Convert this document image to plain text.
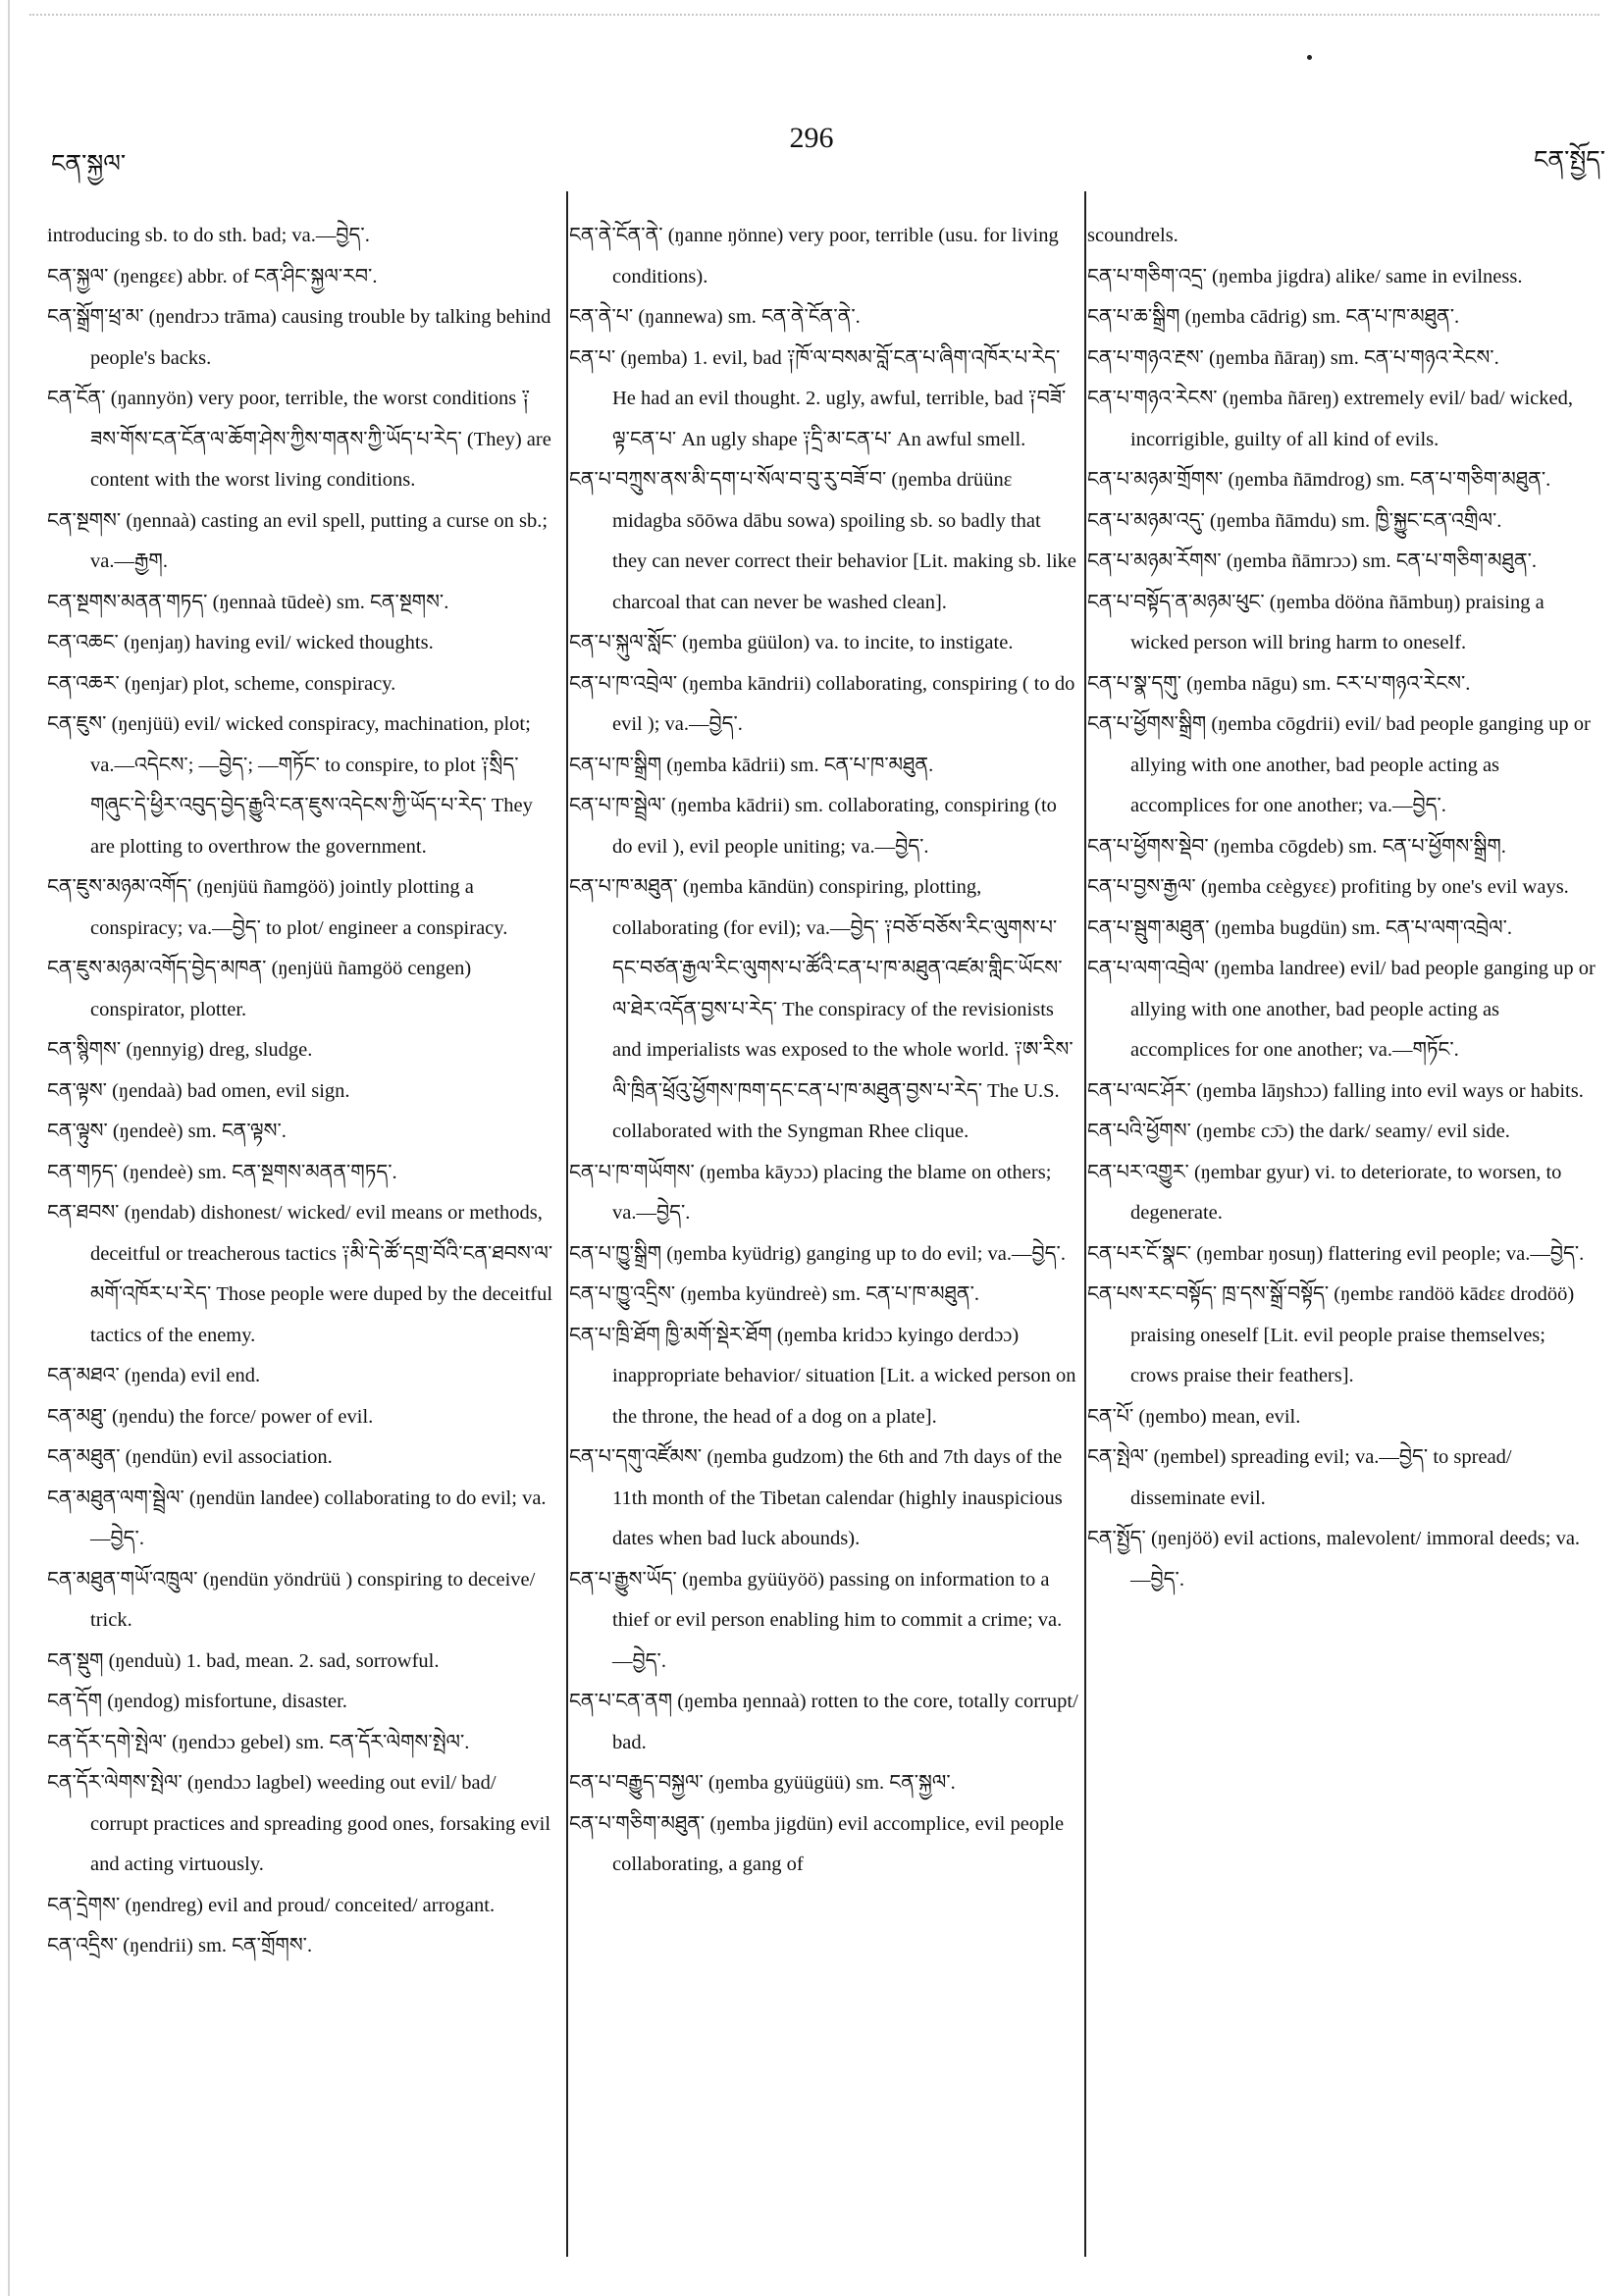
ངན་སྐྱལ་
296
ངན་སྤྱོད་

introducing sb. to do sth. bad; va.—བྱེད་.

ངན་སྐྱལ་ (ŋengεε) abbr. of ངན་ཤིང་སྐྱལ་རབ་.

ངན་སྒྲོག་ཕྲ་མ་ (ŋendrɔɔ trāma) causing trouble by talking behind people's backs.

ངན་ངོན་ (ŋannyön) very poor, terrible, the worst conditions ༑ཟས་གོས་ངན་ངོན་ལ་ཆོག་ཤེས་ཀྱིས་གནས་ཀྱི་ཡོད་པ་རེད་ (They) are content with the worst living conditions.

ངན་སྔགས་ (ŋennaà) casting an evil spell, putting a curse on sb.; va.—རྒྱག.

ངན་སྔགས་མནན་གཏད་ (ŋennaà tūdeè) sm. ངན་སྔགས་.

ངན་འཆང་ (ŋenjaŋ) having evil/ wicked thoughts.

ངན་འཆར་ (ŋenjar) plot, scheme, conspiracy.

ངན་ཇུས་ (ŋenjüü) evil/ wicked conspiracy, machination, plot; va.—འདེངས་; —བྱེད་; —གཏོང་ to conspire, to plot ༑སྲིད་གཞུང་དེ་ཕྱིར་འབུད་བྱེད་རྒྱུའི་ངན་ཇུས་འདེངས་ཀྱི་ཡོད་པ་རེད་ They are plotting to overthrow the government.

ངན་ཇུས་མཉམ་འགོད་ (ŋenjüü ñamgöö) jointly plotting a conspiracy; va.—བྱེད་ to plot/ engineer a conspiracy.

ངན་ཇུས་མཉམ་འགོད་བྱེད་མཁན་ (ŋenjüü ñamgöö cengen) conspirator, plotter.

ངན་སྙིགས་ (ŋennyig) dreg, sludge.

ངན་ལྟས་ (ŋendaà) bad omen, evil sign.

ངན་ལྟུས་ (ŋendeè) sm. ངན་ལྟས་.

ངན་གཏད་ (ŋendeè) sm. ངན་སྔགས་མནན་གཏད་.

ངན་ཐབས་ (ŋendab) dishonest/ wicked/ evil means or methods, deceitful or treacherous tactics ༑མི་དེ་ཚོ་དགྲ་བོའི་ངན་ཐབས་ལ་མགོ་འཁོར་པ་རེད་ Those people were duped by the deceitful tactics of the enemy.

ངན་མཐའ་ (ŋenda) evil end.

ངན་མཐུ་ (ŋendu) the force/ power of evil.

ངན་མཐུན་ (ŋendün) evil association.

ངན་མཐུན་ལག་སྦྲེལ་ (ŋendün landee) collaborating to do evil; va.—བྱེད་.

ངན་མཐུན་གཡོ་འཁྲུལ་ (ŋendün yöndrüü ) conspiring to deceive/ trick.

ངན་སྡུག (ŋenduù) 1. bad, mean. 2. sad, sorrowful.

ངན་དོག (ŋendog) misfortune, disaster.

ངན་དོར་དགེ་སྤེལ་ (ŋendɔɔ gebel) sm. ངན་དོར་ལེགས་སྤེལ་.

ངན་དོར་ལེགས་སྤེལ་ (ŋendɔɔ lagbel) weeding out evil/ bad/ corrupt practices and spreading good ones, forsaking evil and acting virtuously.

ངན་དྲེགས་ (ŋendreg) evil and proud/ conceited/ arrogant.

ངན་འདྲིས་ (ŋendrii) sm. ངན་གྲོགས་.

ངན་ནེ་ངོན་ནེ་ (ŋanne ŋönne) very poor, terrible (usu. for living conditions).

ངན་ནེ་པ་ (ŋannewa) sm. ངན་ནེ་ངོན་ནེ་.

ངན་པ་ (ŋemba) 1. evil, bad ༑ཁོ་ལ་བསམ་བློ་ངན་པ་ཞིག་འཁོར་པ་རེད་ He had an evil thought. 2. ugly, awful, terrible, bad ༑བཟོ་ལྟ་ངན་པ་ An ugly shape ༑དྲི་མ་ངན་པ་ An awful smell.

ངན་པ་བཀྲུས་ནས་མི་དག་པ་སོལ་བ་བུ་རུ་བཟོ་བ་ (ŋemba drüünε midagba sōōwa dābu sowa) spoiling sb. so badly that they can never correct their behavior [Lit. making sb. like charcoal that can never be washed clean].

ངན་པ་སྐུལ་སློང་ (ŋemba güülon) va. to incite, to instigate.

ངན་པ་ཁ་འབྲེལ་ (ŋemba kāndrii) collaborating, conspiring ( to do evil ); va.—བྱེད་.

ངན་པ་ཁ་སྒྲིག (ŋemba kādrii) sm. ངན་པ་ཁ་མཐུན.

ངན་པ་ཁ་སྦྲེལ་ (ŋemba kādrii) sm. collaborating, conspiring (to do evil ), evil people uniting; va.—བྱེད་.

ངན་པ་ཁ་མཐུན་ (ŋemba kāndün) conspiring, plotting, collaborating (for evil); va.—བྱེད་ ༑བཅོ་བཅོས་རིང་ལུགས་པ་དང་བཙན་རྒྱལ་རིང་ལུགས་པ་ཚོའི་ངན་པ་ཁ་མཐུན་འཛམ་གླིང་ཡོངས་ལ་ཐེར་འདོན་བྱས་པ་རེད་ The conspiracy of the revisionists and imperialists was exposed to the whole world. ༑ཨ་རིས་ལི་ཁྲིན་ཕྲོའུ་ཕྱོགས་ཁག་དང་ངན་པ་ཁ་མཐུན་བྱས་པ་རེད་ The U.S. collaborated with the Syngman Rhee clique.

ངན་པ་ཁ་གཡོགས་ (ŋemba kāyɔɔ) placing the blame on others; va.—བྱེད་.

ངན་པ་ཁྱུ་སྒྲིག (ŋemba kyüdrig) ganging up to do evil; va.—བྱེད་.

ངན་པ་ཁྱུ་འདྲིས་ (ŋemba kyündreè) sm. ངན་པ་ཁ་མཐུན་.

ངན་པ་ཁྲི་ཐོག ཁྱི་མགོ་སྡེར་ཐོག (ŋemba kridɔɔ kyingo derdɔɔ) inappropriate behavior/ situation [Lit. a wicked person on the throne, the head of a dog on a plate].

ངན་པ་དགུ་འཛོམས་ (ŋemba gudzom) the 6th and 7th days of the 11th month of the Tibetan calendar (highly inauspicious dates when bad luck abounds).

ངན་པ་རྒྱུས་ཡོད་ (ŋemba gyüüyöö) passing on information to a thief or evil person enabling him to commit a crime; va.—བྱེད་.

ངན་པ་ངན་ནག (ŋemba ŋennaà) rotten to the core, totally corrupt/ bad.

ངན་པ་བརྒྱུད་བསྐྱལ་ (ŋemba gyüügüü) sm. ངན་སྐྱལ་.

ངན་པ་གཅིག་མཐུན་ (ŋemba jigdün) evil accomplice, evil people collaborating, a gang of

scoundrels.

ངན་པ་གཅིག་འདྲ་ (ŋemba jigdra) alike/ same in evilness.

ངན་པ་ཆ་སྒྲིག (ŋemba cādrig) sm. ངན་པ་ཁ་མཐུན་.

ངན་པ་གཉའ་རྔས་ (ŋemba ñāraŋ) sm. ངན་པ་གཉའ་རེངས་.

ངན་པ་གཉའ་རེངས་ (ŋemba ñāreŋ) extremely evil/ bad/ wicked, incorrigible, guilty of all kind of evils.

ངན་པ་མཉམ་གྲོགས་ (ŋemba ñāmdrog) sm. ངན་པ་གཅིག་མཐུན་.

ངན་པ་མཉམ་འདུ་ (ŋemba ñāmdu) sm. ཁྱི་སྐྱུང་ངན་འགྲིལ་.

ངན་པ་མཉམ་རོགས་ (ŋemba ñāmrɔɔ) sm. ངན་པ་གཅིག་མཐུན་.

ངན་པ་བསྟོད་ན་མཉམ་ཕུང་ (ŋemba dööna ñāmbuŋ) praising a wicked person will bring harm to oneself.

ངན་པ་སྣ་དགུ་ (ŋemba nāgu) sm. ངར་པ་གཉའ་རེངས་.

ངན་པ་ཕྱོགས་སྒྲིག (ŋemba cōgdrii) evil/ bad people ganging up or allying with one another, bad people acting as accomplices for one another; va.—བྱེད་.

ངན་པ་ཕྱོགས་སྡེབ་ (ŋemba cōgdeb) sm. ངན་པ་ཕྱོགས་སྒྲིག.

ངན་པ་བྱས་རྒྱལ་ (ŋemba cεègyεε) profiting by one's evil ways.

ངན་པ་སྦུག་མཐུན་ (ŋemba bugdün) sm. ངན་པ་ལག་འབྲེལ་.

ངན་པ་ལག་འབྲེལ་ (ŋemba landree) evil/ bad people ganging up or allying with one another, bad people acting as accomplices for one another; va.—གཏོང་.

ངན་པ་ལང་ཤོར་ (ŋemba lāŋshɔɔ) falling into evil ways or habits.

ངན་པའི་ཕྱོགས་ (ŋembε cɔ̄ɔ) the dark/ seamy/ evil side.

ངན་པར་འགྱུར་ (ŋembar gyur) vi. to deteriorate, to worsen, to degenerate.

ངན་པར་ངོ་སྣང་ (ŋembar ŋosuŋ) flattering evil people; va.—བྱེད་.

ངན་པས་རང་བསྟོད་ ཁྲ་དས་སྒྲོ་བསྟོད་ (ŋembε randöö kādεε drodöö) praising oneself [Lit. evil people praise themselves; crows praise their feathers].

ངན་པོ་ (ŋembo) mean, evil.

ངན་སྤེལ་ (ŋembel) spreading evil; va.—བྱེད་ to spread/ disseminate evil.

ངན་སྤྱོད་ (ŋenjöö) evil actions, malevolent/ immoral deeds; va.—བྱེད་.
